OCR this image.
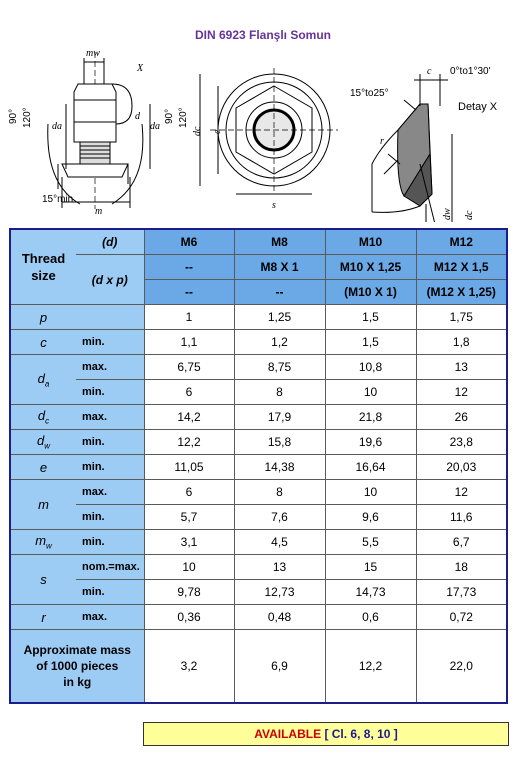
DIN 6923 Flanşlı Somun
mw
X
90° 120° da
d
da
90° 120°
15°min
m
dc e
s
c 0°to1°30'
15°to25°
Detay X
r
dw dc
Thread size	(d)	M6	M8	M10	M12
	(d x p)	--	M8 X 1	M10 X 1,25	M12 X 1,5
		--	--	(M10 X 1)	(M12 X 1,25)
p		1	1,25	1,5	1,75
c	min.	1,1	1,2	1,5	1,8
$d_a$	max.	6,75	8,75	10,8	13
	min.	6	8	10	12
$d_c$	max.	14,2	17,9	21,8	26
$d_w$	min.	12,2	15,8	19,6	23,8
e	min.	11,05	14,38	16,64	20,03
m	max.	6	8	10	12
	min.	5,7	7,6	9,6	11,6
$m_w$	min.	3,1	4,5	5,5	6,7
s	nom.=max.	10	13	15	18
	min.	9,78	12,73	14,73	17,73
r	max.	0,36	0,48	0,6	0,72
Approximate mass
of 1000 pieces
in kg		3,2	6,9	12,2	22,0
AVAILABLE [ Cl. 6, 8, 10 ]
